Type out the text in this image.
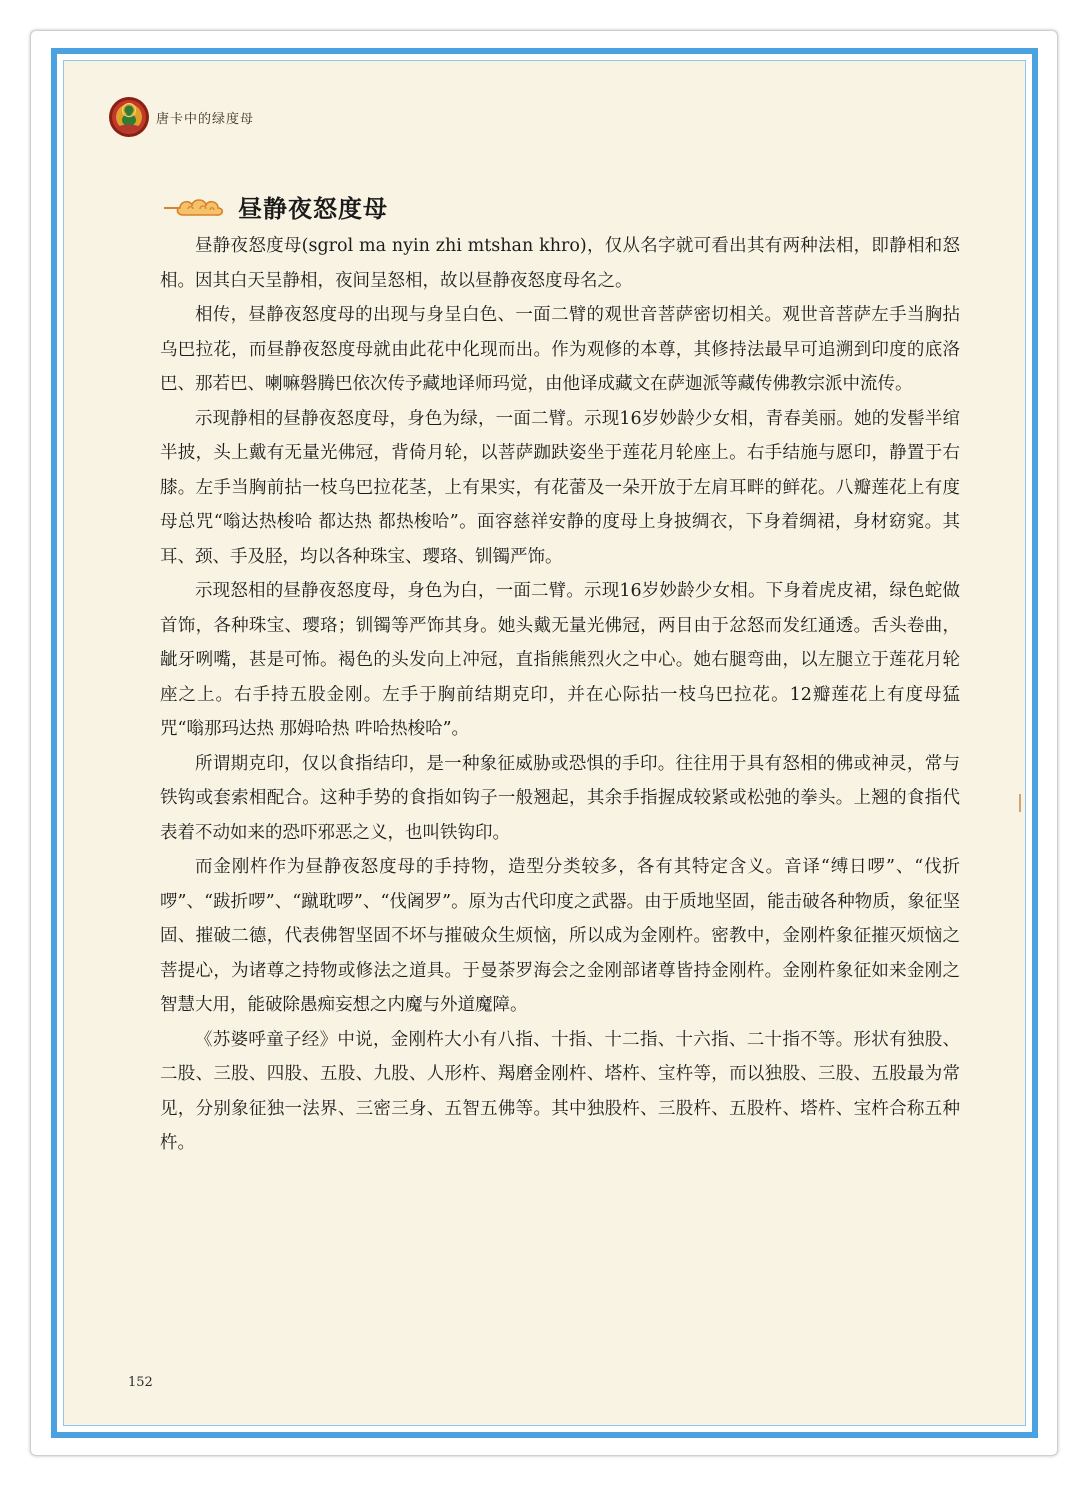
唐卡中的绿度母
昼静夜怒度母

昼静夜怒度母(sgrol ma nyin zhi mtshan khro)，仅从名字就可看出其有两种法相，即静相和怒相。因其白天呈静相，夜间呈怒相，故以昼静夜怒度母名之。

相传，昼静夜怒度母的出现与身呈白色、一面二臂的观世音菩萨密切相关。观世音菩萨左手当胸拈乌巴拉花，而昼静夜怒度母就由此花中化现而出。作为观修的本尊，其修持法最早可追溯到印度的底洛巴、那若巴、喇嘛磐腾巴依次传予藏地译师玛觉，由他译成藏文在萨迦派等藏传佛教宗派中流传。

示现静相的昼静夜怒度母，身色为绿，一面二臂。示现16岁妙龄少女相，青春美丽。她的发髻半绾半披，头上戴有无量光佛冠，背倚月轮，以菩萨跏趺姿坐于莲花月轮座上。右手结施与愿印，静置于右膝。左手当胸前拈一枝乌巴拉花茎，上有果实，有花蕾及一朵开放于左肩耳畔的鲜花。八瓣莲花上有度母总咒“嗡达热梭哈 都达热 都热梭哈”。面容慈祥安静的度母上身披绸衣，下身着绸裙，身材窈窕。其耳、颈、手及胫，均以各种珠宝、璎珞、钏镯严饰。

示现怒相的昼静夜怒度母，身色为白，一面二臂。示现16岁妙龄少女相。下身着虎皮裙，绿色蛇做首饰，各种珠宝、璎珞；钏镯等严饰其身。她头戴无量光佛冠，两目由于忿怒而发红通透。舌头卷曲，龇牙咧嘴，甚是可怖。褐色的头发向上冲冠，直指熊熊烈火之中心。她右腿弯曲，以左腿立于莲花月轮座之上。右手持五股金刚。左手于胸前结期克印，并在心际拈一枝乌巴拉花。12瓣莲花上有度母猛咒“嗡那玛达热 那姆哈热 吽哈热梭哈”。

所谓期克印，仅以食指结印，是一种象征威胁或恐惧的手印。往往用于具有怒相的佛或神灵，常与铁钩或套索相配合。这种手势的食指如钩子一般翘起，其余手指握成较紧或松弛的拳头。上翘的食指代表着不动如来的恐吓邪恶之义，也叫铁钩印。

而金刚杵作为昼静夜怒度母的手持物，造型分类较多，各有其特定含义。音译“缚日啰”、“伐折啰”、“跋折啰”、“蹴耽啰”、“伐阇罗”。原为古代印度之武器。由于质地坚固，能击破各种物质，象征坚固、摧破二德，代表佛智坚固不坏与摧破众生烦恼，所以成为金刚杵。密教中，金刚杵象征摧灭烦恼之菩提心，为诸尊之持物或修法之道具。于曼荼罗海会之金刚部诸尊皆持金刚杵。金刚杵象征如来金刚之智慧大用，能破除愚痴妄想之内魔与外道魔障。

《苏婆呼童子经》中说，金刚杵大小有八指、十指、十二指、十六指、二十指不等。形状有独股、二股、三股、四股、五股、九股、人形杵、羯磨金刚杵、塔杵、宝杵等，而以独股、三股、五股最为常见，分别象征独一法界、三密三身、五智五佛等。其中独股杵、三股杵、五股杵、塔杵、宝杵合称五种杵。

152
